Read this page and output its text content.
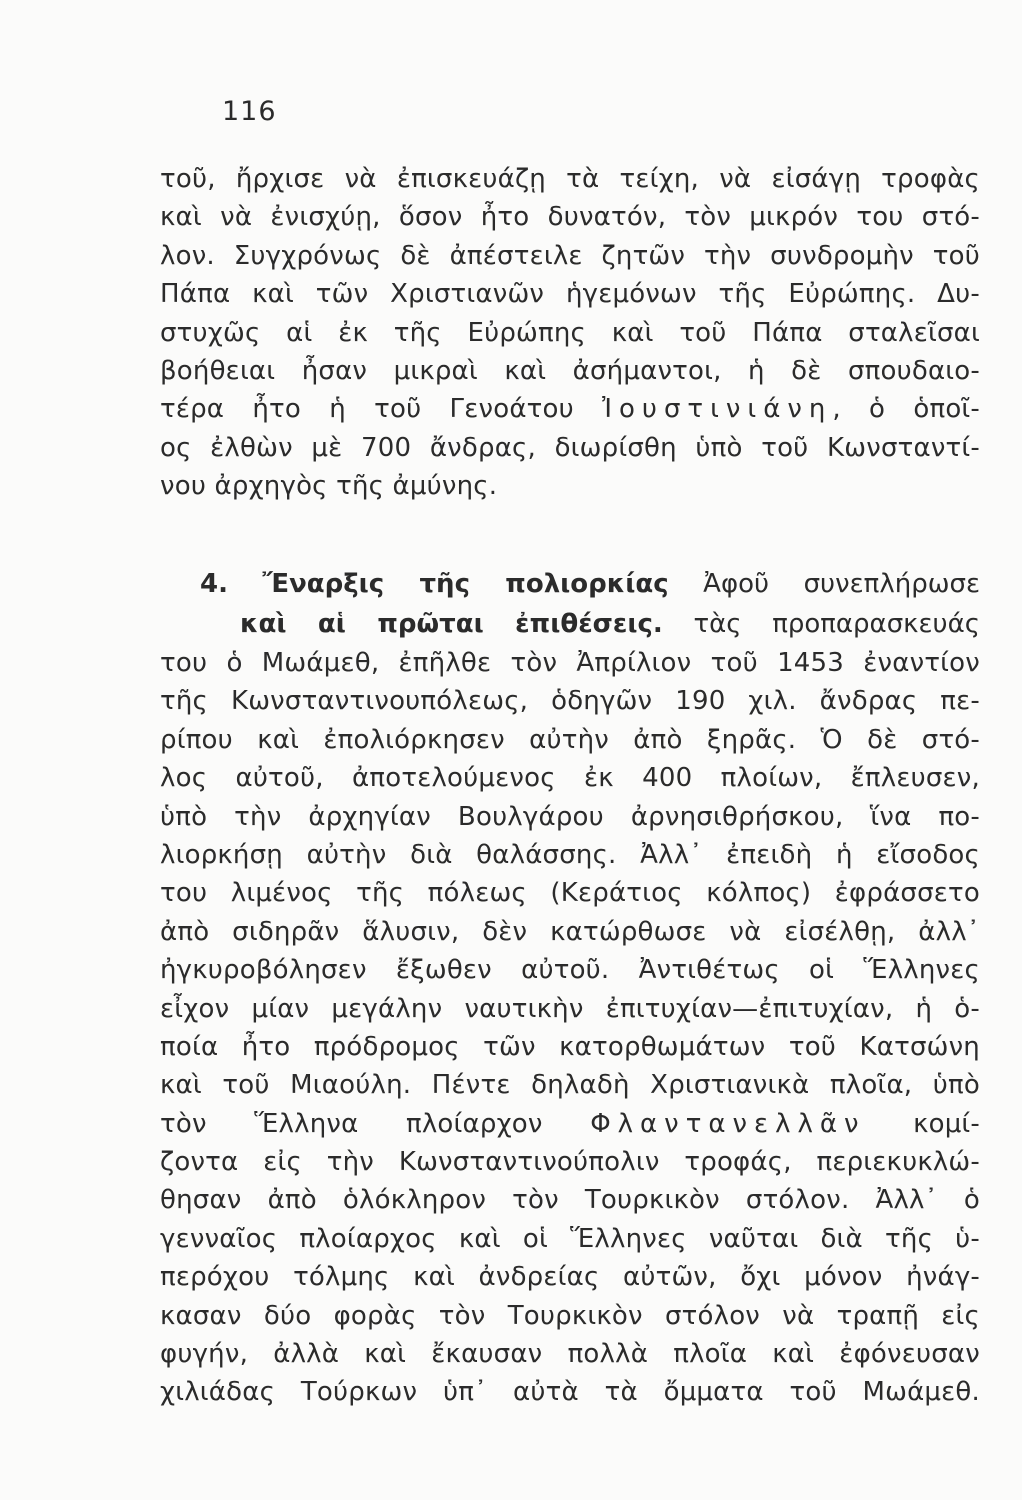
116
τοῦ, ἤρχισε νὰ ἐπισκευάζῃ τὰ τείχη, νὰ εἰσάγῃ τροφὰς
καὶ νὰ ἐνισχύῃ, ὅσον ἦτο δυνατόν, τὸν μικρόν του στό-
λον. Συγχρόνως δὲ ἀπέστειλε ζητῶν τὴν συνδρομὴν τοῦ
Πάπα καὶ τῶν Χριστιανῶν ἡγεμόνων τῆς Εὐρώπης. Δυ-
στυχῶς αἱ ἐκ τῆς Εὐρώπης καὶ τοῦ Πάπα σταλεῖσαι
βοήθειαι ἦσαν μικραὶ καὶ ἀσήμαντοι, ἡ δὲ σπουδαιο-
τέρα ἦτο ἡ τοῦ Γενοάτου Ἰουστινιάνη, ὁ ὁποῖ-
ος ἐλθὼν μὲ 700 ἄνδρας, διωρίσθη ὑπὸ τοῦ Κωνσταντί-
νου ἀρχηγὸς τῆς ἀμύνης.
4. Ἔναρξις τῆς πολιορκίας Ἀφοῦ συνεπλήρωσε
καὶ αἱ πρῶται ἐπιθέσεις. τὰς προπαρασκευάς
του ὁ Μωάμεθ, ἐπῆλθε τὸν Ἀπρίλιον τοῦ 1453 ἐναντίον
τῆς Κωνσταντινουπόλεως, ὁδηγῶν 190 χιλ. ἄνδρας πε-
ρίπου καὶ ἐπολιόρκησεν αὐτὴν ἀπὸ ξηρᾶς. Ὁ δὲ στό-
λος αὐτοῦ, ἀποτελούμενος ἐκ 400 πλοίων, ἔπλευσεν,
ὑπὸ τὴν ἀρχηγίαν Βουλγάρου ἀρνησιθρήσκου, ἵνα πο-
λιορκήσῃ αὐτὴν διὰ θαλάσσης. Ἀλλ᾽ ἐπειδὴ ἡ εἴσοδος
του λιμένος τῆς πόλεως (Κεράτιος κόλπος) ἐφράσσετο
ἀπὸ σιδηρᾶν ἅλυσιν, δὲν κατώρθωσε νὰ εἰσέλθῃ, ἀλλ᾽
ἠγκυροβόλησεν ἔξωθεν αὐτοῦ. Ἀντιθέτως οἱ Ἕλληνες
εἶχον μίαν μεγάλην ναυτικὴν ἐπιτυχίαν—ἐπιτυχίαν, ἡ ὁ-
ποία ἦτο πρόδρομος τῶν κατορθωμάτων τοῦ Κατσώνη
καὶ τοῦ Μιαούλη. Πέντε δηλαδὴ Χριστιανικὰ πλοῖα, ὑπὸ
τὸν Ἕλληνα πλοίαρχον Φλαντανελλᾶν κομί-
ζοντα εἰς τὴν Κωνσταντινούπολιν τροφάς, περιεκυκλώ-
θησαν ἀπὸ ὁλόκληρον τὸν Τουρκικὸν στόλον. Ἀλλ᾽ ὁ
γενναῖος πλοίαρχος καὶ οἱ Ἕλληνες ναῦται διὰ τῆς ὑ-
περόχου τόλμης καὶ ἀνδρείας αὐτῶν, ὄχι μόνον ἠνάγ-
κασαν δύο φορὰς τὸν Τουρκικὸν στόλον νὰ τραπῇ εἰς
φυγήν, ἀλλὰ καὶ ἔκαυσαν πολλὰ πλοῖα καὶ ἐφόνευσαν
χιλιάδας Τούρκων ὑπ᾽ αὐτὰ τὰ ὄμματα τοῦ Μωάμεθ.
